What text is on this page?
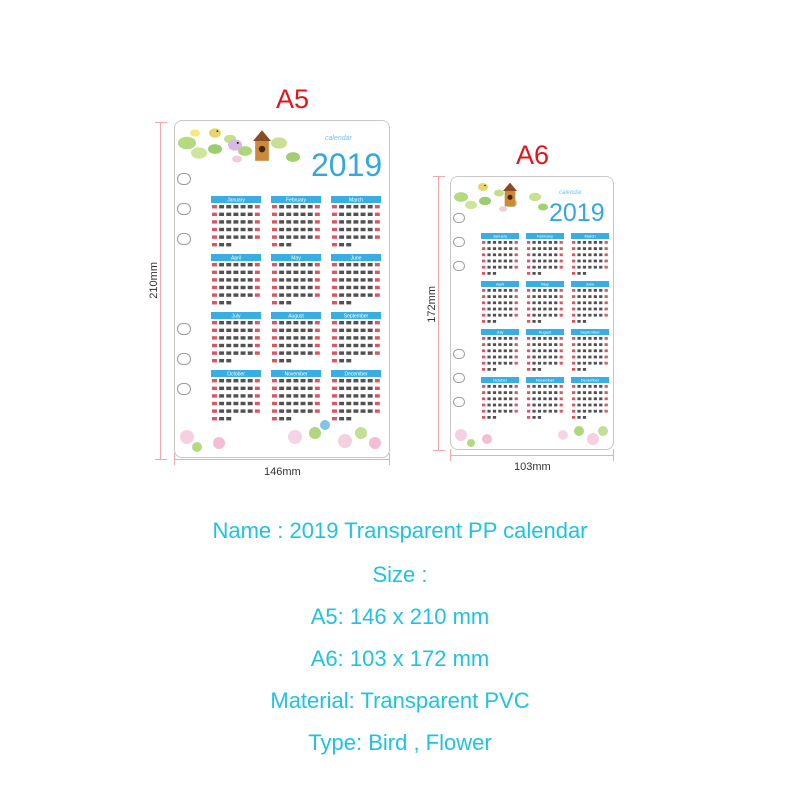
A5
210mm
146mm
January	February	March
April	May	June
July	August	September
October	November	December
2019
calendar
A6
172mm
103mm
January	February	March
April	May	June
July	August	September
October	November	December
2019
calendar
Name : 2019 Transparent PP calendar
Size :
A5: 146 x 210 mm
A6: 103 x 172 mm
Material: Transparent PVC
Type: Bird , Flower
